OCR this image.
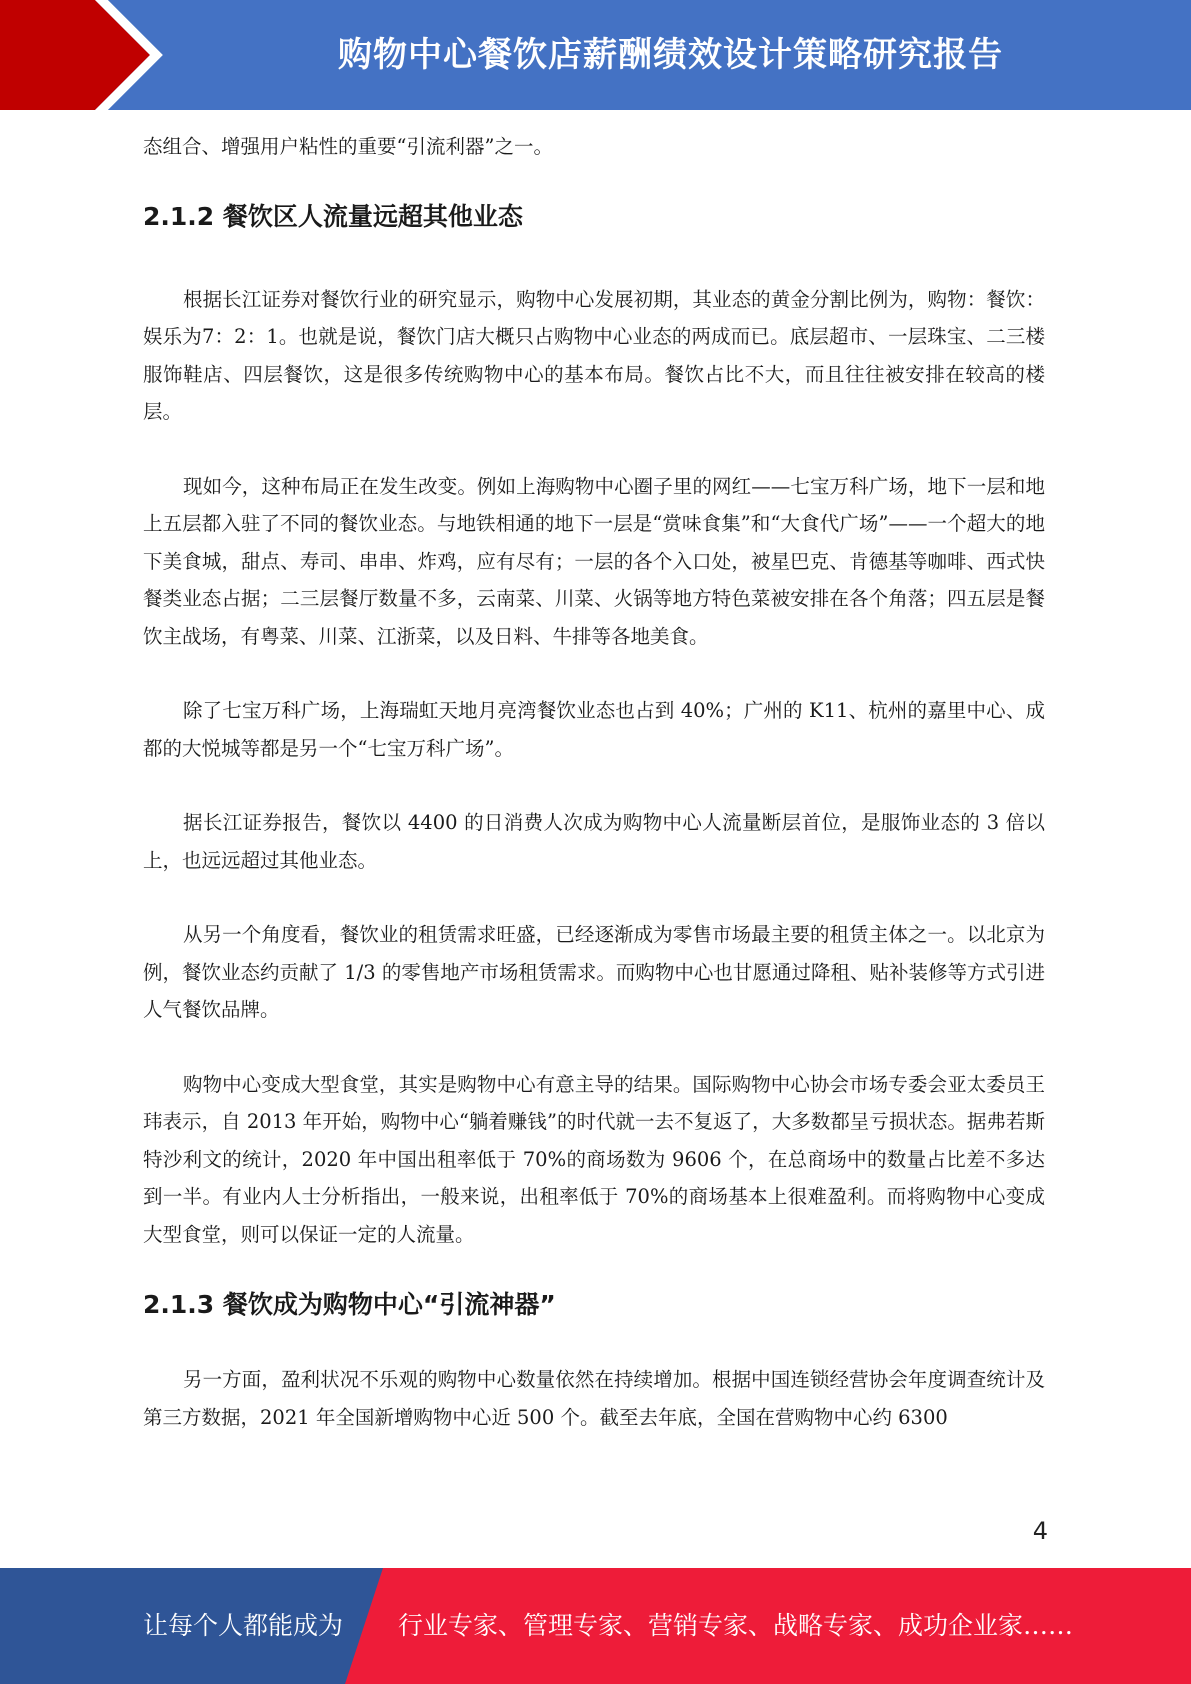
购物中心餐饮店薪酬绩效设计策略研究报告

态组合、增强用户粘性的重要“引流利器”之一。

2.1.2 餐饮区人流量远超其他业态

根据长江证券对餐饮行业的研究显示，购物中心发展初期，其业态的黄金分割比例为，购物：餐饮：娱乐为7：2：1。也就是说，餐饮门店大概只占购物中心业态的两成而已。底层超市、一层珠宝、二三楼服饰鞋店、四层餐饮，这是很多传统购物中心的基本布局。餐饮占比不大，而且往往被安排在较高的楼层。

现如今，这种布局正在发生改变。例如上海购物中心圈子里的网红——七宝万科广场，地下一层和地上五层都入驻了不同的餐饮业态。与地铁相通的地下一层是“赏味食集”和“大食代广场”——一个超大的地下美食城，甜点、寿司、串串、炸鸡，应有尽有；一层的各个入口处，被星巴克、肯德基等咖啡、西式快餐类业态占据；二三层餐厅数量不多，云南菜、川菜、火锅等地方特色菜被安排在各个角落；四五层是餐饮主战场，有粤菜、川菜、江浙菜，以及日料、牛排等各地美食。

除了七宝万科广场，上海瑞虹天地月亮湾餐饮业态也占到 40%；广州的 K11、杭州的嘉里中心、成都的大悦城等都是另一个“七宝万科广场”。

据长江证券报告，餐饮以 4400 的日消费人次成为购物中心人流量断层首位，是服饰业态的 3 倍以上，也远远超过其他业态。

从另一个角度看，餐饮业的租赁需求旺盛，已经逐渐成为零售市场最主要的租赁主体之一。以北京为例，餐饮业态约贡献了 1/3 的零售地产市场租赁需求。而购物中心也甘愿通过降租、贴补装修等方式引进人气餐饮品牌。

购物中心变成大型食堂，其实是购物中心有意主导的结果。国际购物中心协会市场专委会亚太委员王玮表示，自 2013 年开始，购物中心“躺着赚钱”的时代就一去不复返了，大多数都呈亏损状态。据弗若斯特沙利文的统计，2020 年中国出租率低于 70%的商场数为 9606 个，在总商场中的数量占比差不多达到一半。有业内人士分析指出，一般来说，出租率低于 70%的商场基本上很难盈利。而将购物中心变成大型食堂，则可以保证一定的人流量。

2.1.3 餐饮成为购物中心“引流神器”

另一方面，盈利状况不乐观的购物中心数量依然在持续增加。根据中国连锁经营协会年度调查统计及第三方数据，2021 年全国新增购物中心近 500 个。截至去年底，全国在营购物中心约 6300

4
让每个人都能成为 行业专家、管理专家、营销专家、战略专家、成功企业家……
